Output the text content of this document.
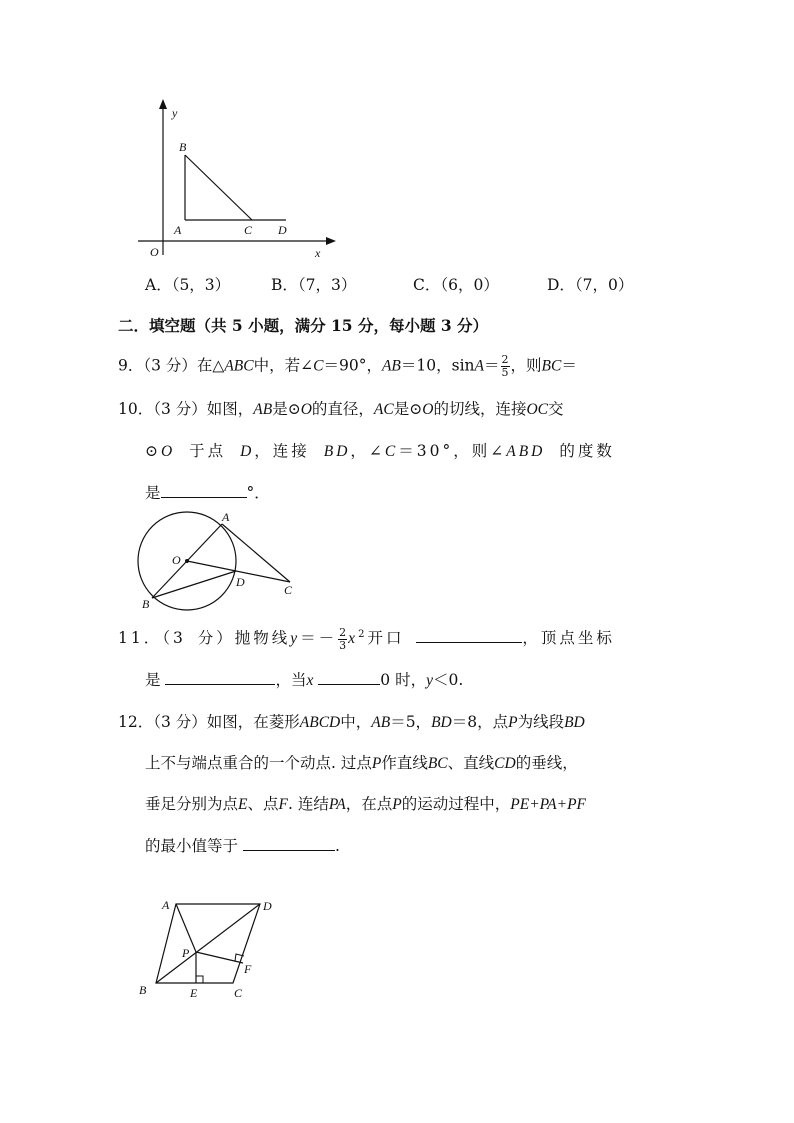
y
x
O
B
A	C D
A．（5，3）	B．（7，3）	C．（6，0）	D．（7，0）
二．填空题（共 5 小题，满分 15 分，每小题 3 分）
9．（3 分）在△ABC中，若∠C＝90°，AB＝10，$\sin A= \frac{2}{5}$ ，则BC＝
10．（3 分）如图，AB是⊙O的直径，AC是⊙O的切线，连接OC交
⊙O 于点 D，连接 BD，∠C＝30°，则∠ABD 的度数
是	°．
A
O
D
C
B
11．（3 分）抛物线$y=- \frac{2}{3} x^2$开口	，顶点坐标
是	，当x	0 时，y＜0.
12．（3 分）如图，在菱形ABCD中，AB＝5，BD＝8，点P为线段BD
上不与端点重合的一个动点. 过点P作直线BC、直线CD的垂线，
垂足分别为点E、点F. 连结PA，在点P的运动过程中，PE+PA+PF
的最小值等于	.
A	D
P
F
B	E	C
